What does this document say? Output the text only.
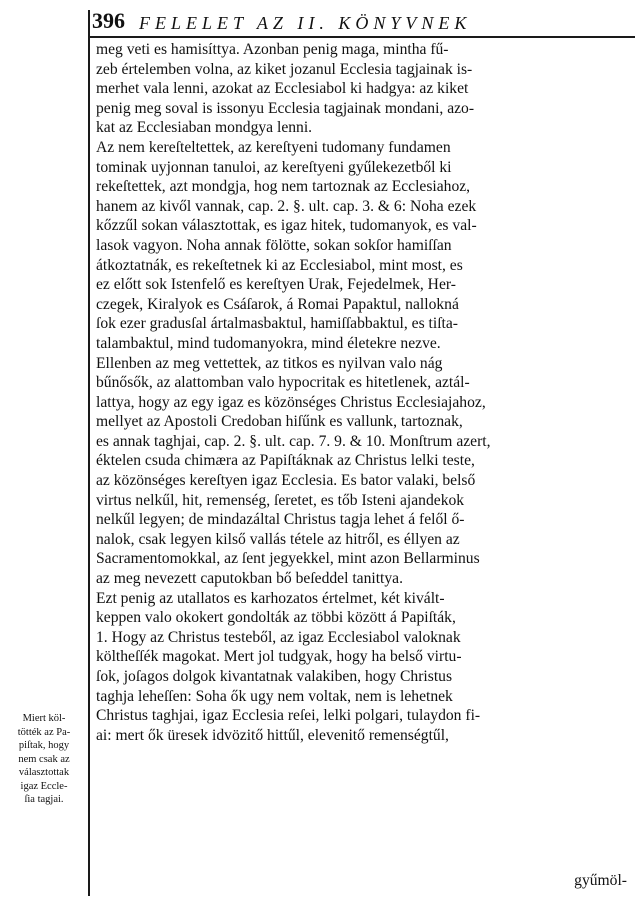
396 FELELET AZ II. KÖNYVNEK
meg veti es hamisíttya. Azonban penig maga, mintha fű-
zeb értelemben volna, az kiket jozanul Ecclesia tagjainak is-
merhet vala lenni, azokat az Ecclesiabol ki hadgya: az kiket
penig meg soval is issonyu Ecclesia tagjainak mondani, azo-
kat az Ecclesiaban mondgya lenni.
Az nem kereſteltettek, az kereſtyeni tudomany fundamen
tominak uyjonnan tanuloi, az kereſtyeni gyűlekezetből ki
rekeſtettek, azt mondgja, hog nem tartoznak az Ecclesiahoz,
hanem az kivől vannak, cap. 2. §. ult. cap. 3. & 6: Noha ezek
kőzzűl sokan választottak, es igaz hitek, tudomanyok, es val-
lasok vagyon. Noha annak fölötte, sokan sokſor hamiſſan
átkoztatnák, es rekeſtetnek ki az Ecclesiabol, mint most, es
ez előtt sok Istenfelő es kereſtyen Urak, Fejedelmek, Her-
czegek, Kiralyok es Csáſarok, á Romai Papaktul, nallokná
ſok ezer gradusſal ártalmasbaktul, hamiſſabbaktul, es tiſta-
talambaktul, mind tudomanyokra, mind életekre nezve.
Ellenben az meg vettettek, az titkos es nyilvan valo nág
bűnősők, az alattomban valo hypocritak es hitetlenek, aztál-
lattya, hogy az egy igaz es közönséges Christus Ecclesiajahoz,
mellyet az Apostoli Credoban hiſűnk es vallunk, tartoznak,
es annak taghjai, cap. 2. §. ult. cap. 7. 9. & 10. Monſtrum azert,
éktelen csuda chimæra az Papiſtáknak az Christus lelki teste,
az közönséges kereſtyen igaz Ecclesia. Es bator valaki, belső
virtus nelkűl, hit, remenség, ſeretet, es tőb Isteni ajandekok
nelkűl legyen; de mindazáltal Christus tagja lehet á felől ő-
nalok, csak legyen kilső vallás tétele az hitről, es éllyen az
Sacramentomokkal, az ſent jegyekkel, mint azon Bellarminus
az meg nevezett caputokban bő beſeddel tanittya.
Ezt penig az utallatos es karhozatos értelmet, két kivált-
keppen valo okokert gondolták az többi között á Papiſták,
1. Hogy az Christus testeből, az igaz Ecclesiabol valoknak
költheſſék magokat. Mert jol tudgyak, hogy ha belső virtu-
ſok, joſagos dolgok kivantatnak valakiben, hogy Christus
taghja leheſſen: Soha ők ugy nem voltak, nem is lehetnek
Christus taghjai, igaz Ecclesia reſei, lelki polgari, tulaydon fi-
ai: mert ők üresek idvözitő hittűl, elevenitő remenségtűl,
Miert köl-
tötték az Pa-
piſtak, hogy
nem csak az
választottak
igaz Eccle-
ſia tagjai.
gyűmöl-
